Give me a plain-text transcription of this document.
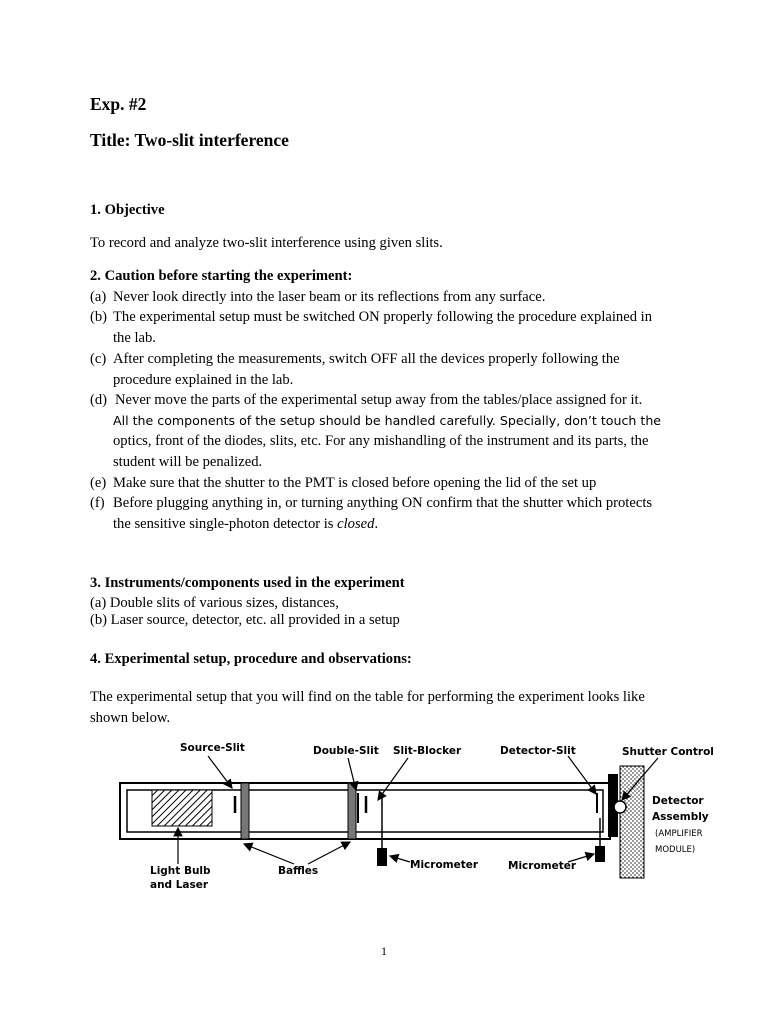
Exp. #2
Title: Two-slit interference
1. Objective
To record and analyze two-slit interference using given slits.
2. Caution before starting the experiment:
(a) Never look directly into the laser beam or its reflections from any surface.
(b) The experimental setup must be switched ON properly following the procedure explained in
the lab.
(c) After completing the measurements, switch OFF all the devices properly following the
procedure explained in the lab.
(d) Never move the parts of the experimental setup away from the tables/place assigned for it.
All the components of the setup should be handled carefully. Specially, don’t touch the
optics, front of the diodes, slits, etc. For any mishandling of the instrument and its parts, the
student will be penalized.
(e) Make sure that the shutter to the PMT is closed before opening the lid of the set up
(f) Before plugging anything in, or turning anything ON confirm that the shutter which protects
the sensitive single-photon detector is closed.
3. Instruments/components used in the experiment
(a) Double slits of various sizes, distances,
(b) Laser source, detector, etc. all provided in a setup
4. Experimental setup, procedure and observations:
The experimental setup that you will find on the table for performing the experiment looks like
shown below.
Source-Slit	Double-Slit Slit-Blocker	Detector-Slit	Shutter Control
Detector
Assembly
Light Bulb
and Laser
Baffles	Micrometer	Micrometer
(AMPLIFIER
MODULE)
1
